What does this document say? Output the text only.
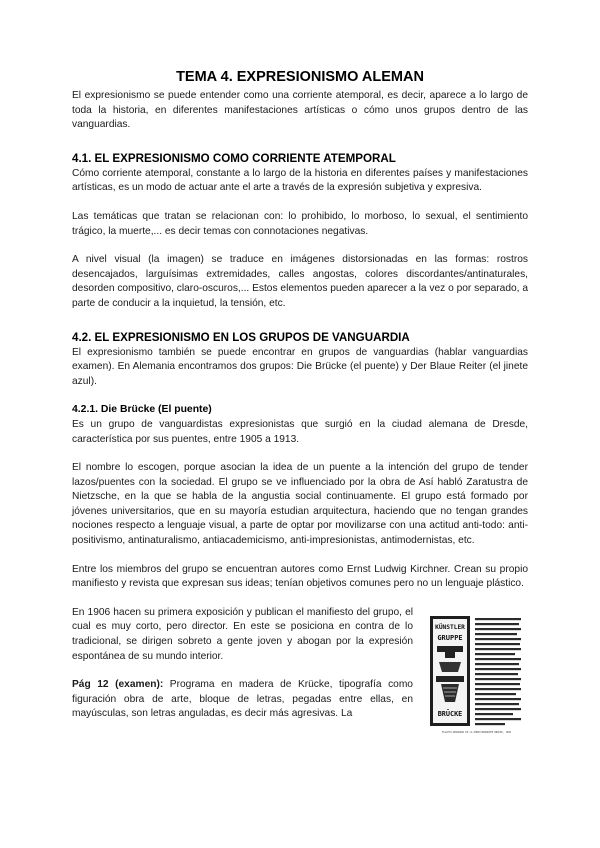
TEMA 4. EXPRESIONISMO ALEMAN

El expresionismo se puede entender como una corriente atemporal, es decir, aparece a lo largo de toda la historia, en diferentes manifestaciones artísticas o cómo unos grupos dentro de las vanguardias.

4.1. EL EXPRESIONISMO COMO CORRIENTE ATEMPORAL

Cómo corriente atemporal, constante a lo largo de la historia en diferentes países y manifestaciones artísticas, es un modo de actuar ante el arte a través de la expresión subjetiva y expresiva.

Las temáticas que tratan se relacionan con: lo prohibido, lo morboso, lo sexual, el sentimiento trágico, la muerte,... es decir temas con connotaciones negativas.

A nivel visual (la imagen) se traduce en imágenes distorsionadas en las formas: rostros desencajados, larguísimas extremidades, calles angostas, colores discordantes/antinaturales, desorden compositivo, claro-oscuros,... Estos elementos pueden aparecer a la vez o por separado, a parte de conducir a la inquietud, la tensión, etc.

4.2. EL EXPRESIONISMO EN LOS GRUPOS DE VANGUARDIA

El expresionismo también se puede encontrar en grupos de vanguardias (hablar vanguardias examen). En Alemania encontramos dos grupos: Die Brücke (el puente) y Der Blaue Reiter (el jinete azul).

4.2.1. Die Brücke (El puente)

Es un grupo de vanguardistas expresionistas que surgió en la ciudad alemana de Dresde, característica por sus puentes, entre 1905 a 1913.

El nombre lo escogen, porque asocian la idea de un puente a la intención del grupo de tender lazos/puentes con la sociedad. El grupo se ve influenciado por la obra de Así habló Zaratustra de Nietzsche, en la que se habla de la angustia social continuamente. El grupo está formado por jóvenes universitarios, que en su mayoría estudian arquitectura, haciendo que no tengan grandes nociones respecto a lenguaje visual, a parte de optar por movilizarse con una actitud anti-todo: anti-positivismo, antinaturalismo, antiacademicismo, anti-impresionistas, antimodernistas, etc.

Entre los miembros del grupo se encuentran autores como Ernst Ludwig Kirchner. Crean su propio manifiesto y revista que expresan sus ideas; tenían objetivos comunes pero no un lenguaje plástico.

KÜNSTLER
GRUPPE
BRÜCKE
FOLLETO-PROGRAMA DE LA KÜNSTLERGRUPPE BRÜCKE, 1906

En 1906 hacen su primera exposición y publican el manifiesto del grupo, el cual es muy corto, pero director. En este se posiciona en contra de lo tradicional, se dirigen sobreto a gente joven y abogan por la expresión espontánea de su mundo interior.

Pág 12 (examen): Programa en madera de Krücke, tipografía como figuración obra de arte, bloque de letras, pegadas entre ellas, en mayúsculas, son letras anguladas, es decir más agresivas. La
